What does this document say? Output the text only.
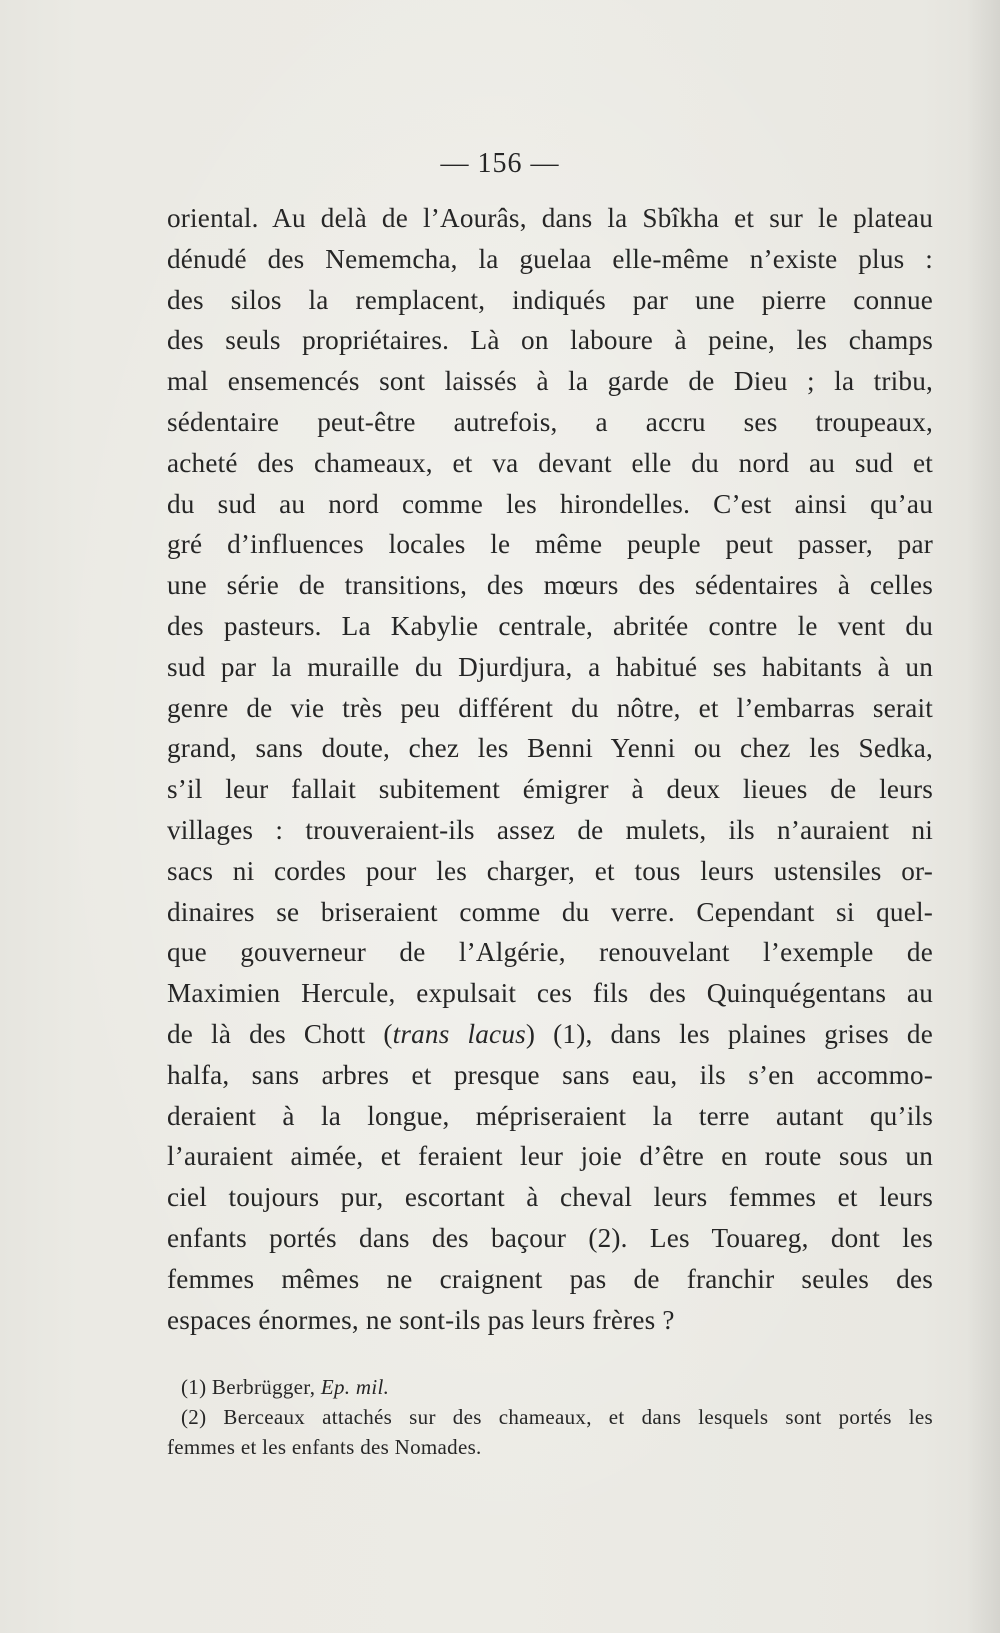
— 156 —
oriental. Au delà de l’Aourâs, dans la Sbîkha et sur le plateau
dénudé des Nememcha, la guelaa elle-même n’existe plus :
des silos la remplacent, indiqués par une pierre connue
des seuls propriétaires. Là on laboure à peine, les champs
mal ensemencés sont laissés à la garde de Dieu ; la tribu,
sédentaire peut-être autrefois, a accru ses troupeaux,
acheté des chameaux, et va devant elle du nord au sud et
du sud au nord comme les hirondelles. C’est ainsi qu’au
gré d’influences locales le même peuple peut passer, par
une série de transitions, des mœurs des sédentaires à celles
des pasteurs. La Kabylie centrale, abritée contre le vent du
sud par la muraille du Djurdjura, a habitué ses habitants à un
genre de vie très peu différent du nôtre, et l’embarras serait
grand, sans doute, chez les Benni Yenni ou chez les Sedka,
s’il leur fallait subitement émigrer à deux lieues de leurs
villages : trouveraient-ils assez de mulets, ils n’auraient ni
sacs ni cordes pour les charger, et tous leurs ustensiles or-
dinaires se briseraient comme du verre. Cependant si quel-
que gouverneur de l’Algérie, renouvelant l’exemple de
Maximien Hercule, expulsait ces fils des Quinquégentans au
de là des Chott (trans lacus) (1), dans les plaines grises de
halfa, sans arbres et presque sans eau, ils s’en accommo-
deraient à la longue, mépriseraient la terre autant qu’ils
l’auraient aimée, et feraient leur joie d’être en route sous un
ciel toujours pur, escortant à cheval leurs femmes et leurs
enfants portés dans des baçour (2). Les Touareg, dont les
femmes mêmes ne craignent pas de franchir seules des
espaces énormes, ne sont-ils pas leurs frères ?
(1) Berbrügger, Ep. mil.
(2) Berceaux attachés sur des chameaux, et dans lesquels sont portés les
femmes et les enfants des Nomades.
